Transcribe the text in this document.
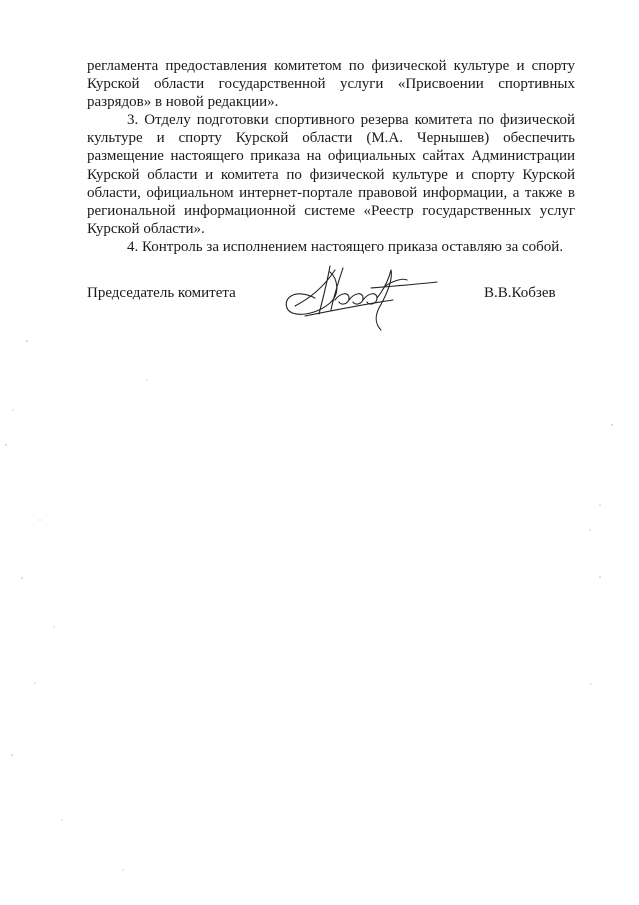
регламента предоставления комитетом по физической культуре и спорту Курской области государственной услуги «Присвоении спортивных разрядов» в новой редакции».

3. Отделу подготовки спортивного резерва комитета по физической культуре и спорту Курской области (М.А. Чернышев) обеспечить размещение настоящего приказа на официальных сайтах Администрации Курской области и комитета по физической культуре и спорту Курской области, официальном интернет-портале правовой информации, а также в региональной информационной системе «Реестр государственных услуг Курской области».

4. Контроль за исполнением настоящего приказа оставляю за собой.

Председатель комитета	В.В.Кобзев
